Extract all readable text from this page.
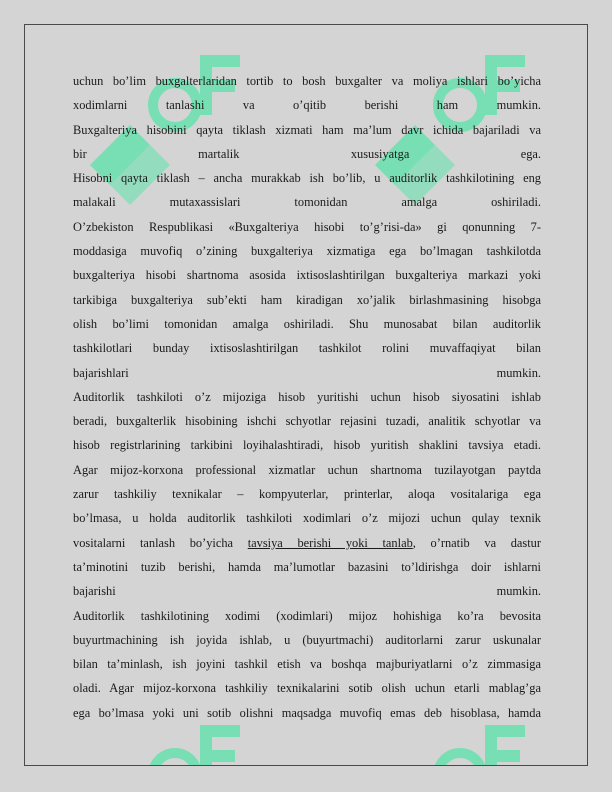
uchun bo’lim buxgalterlaridan tortib to bosh buxgalter va moliya ishlari bo’yicha

xodimlarni tanlashi va o’qitib berishi ham mumkin.

Buxgalteriya hisobini qayta tiklash xizmati ham ma’lum davr ichida bajariladi va

bir martalik xususiyatga ega.

Hisobni qayta tiklash – ancha murakkab ish bo’lib, u auditorlik tashkilotining eng

malakali mutaxassislari tomonidan amalga oshiriladi.

O’zbekiston Respublikasi «Buxgalteriya hisobi to’g’risi-da» gi qonunning 7-

moddasiga muvofiq o’zining buxgalteriya xizmatiga ega bo’lmagan tashkilotda

buxgalteriya hisobi shartnoma asosida ixtisoslashtirilgan buxgalteriya markazi yoki

tarkibiga buxgalteriya sub’ekti ham kiradigan xo’jalik birlashmasining hisobga

olish bo’limi tomonidan amalga oshiriladi. Shu munosabat bilan auditorlik

tashkilotlari bunday ixtisoslashtirilgan tashkilot rolini muvaffaqiyat bilan

bajarishlari mumkin.

Auditorlik tashkiloti o’z mijoziga hisob yuritishi uchun hisob siyosatini ishlab

beradi, buxgalterlik hisobining ishchi schyotlar rejasini tuzadi, analitik schyotlar va

hisob registrlarining tarkibini loyihalashtiradi, hisob yuritish shaklini tavsiya etadi.

Agar mijoz-korxona professional xizmatlar uchun shartnoma tuzilayotgan paytda

zarur tashkiliy texnikalar – kompyuterlar, printerlar, aloqa vositalariga ega

bo’lmasa, u holda auditorlik tashkiloti xodimlari o’z mijozi uchun qulay texnik

vositalarni tanlash bo’yicha tavsiya berishi yoki tanlab, o’rnatib va dastur

ta’minotini tuzib berishi, hamda ma’lumotlar bazasini to’ldirishga doir ishlarni

bajarishi mumkin.

Auditorlik tashkilotining xodimi (xodimlari) mijoz hohishiga ko’ra bevosita

buyurtmachining ish joyida ishlab, u (buyurtmachi) auditorlarni zarur uskunalar

bilan ta’minlash, ish joyini tashkil etish va boshqa majburiyatlarni o’z zimmasiga

oladi. Agar mijoz-korxona tashkiliy texnikalarini sotib olish uchun etarli mablag’ga

ega bo’lmasa yoki uni sotib olishni maqsadga muvofiq emas deb hisoblasa, hamda
